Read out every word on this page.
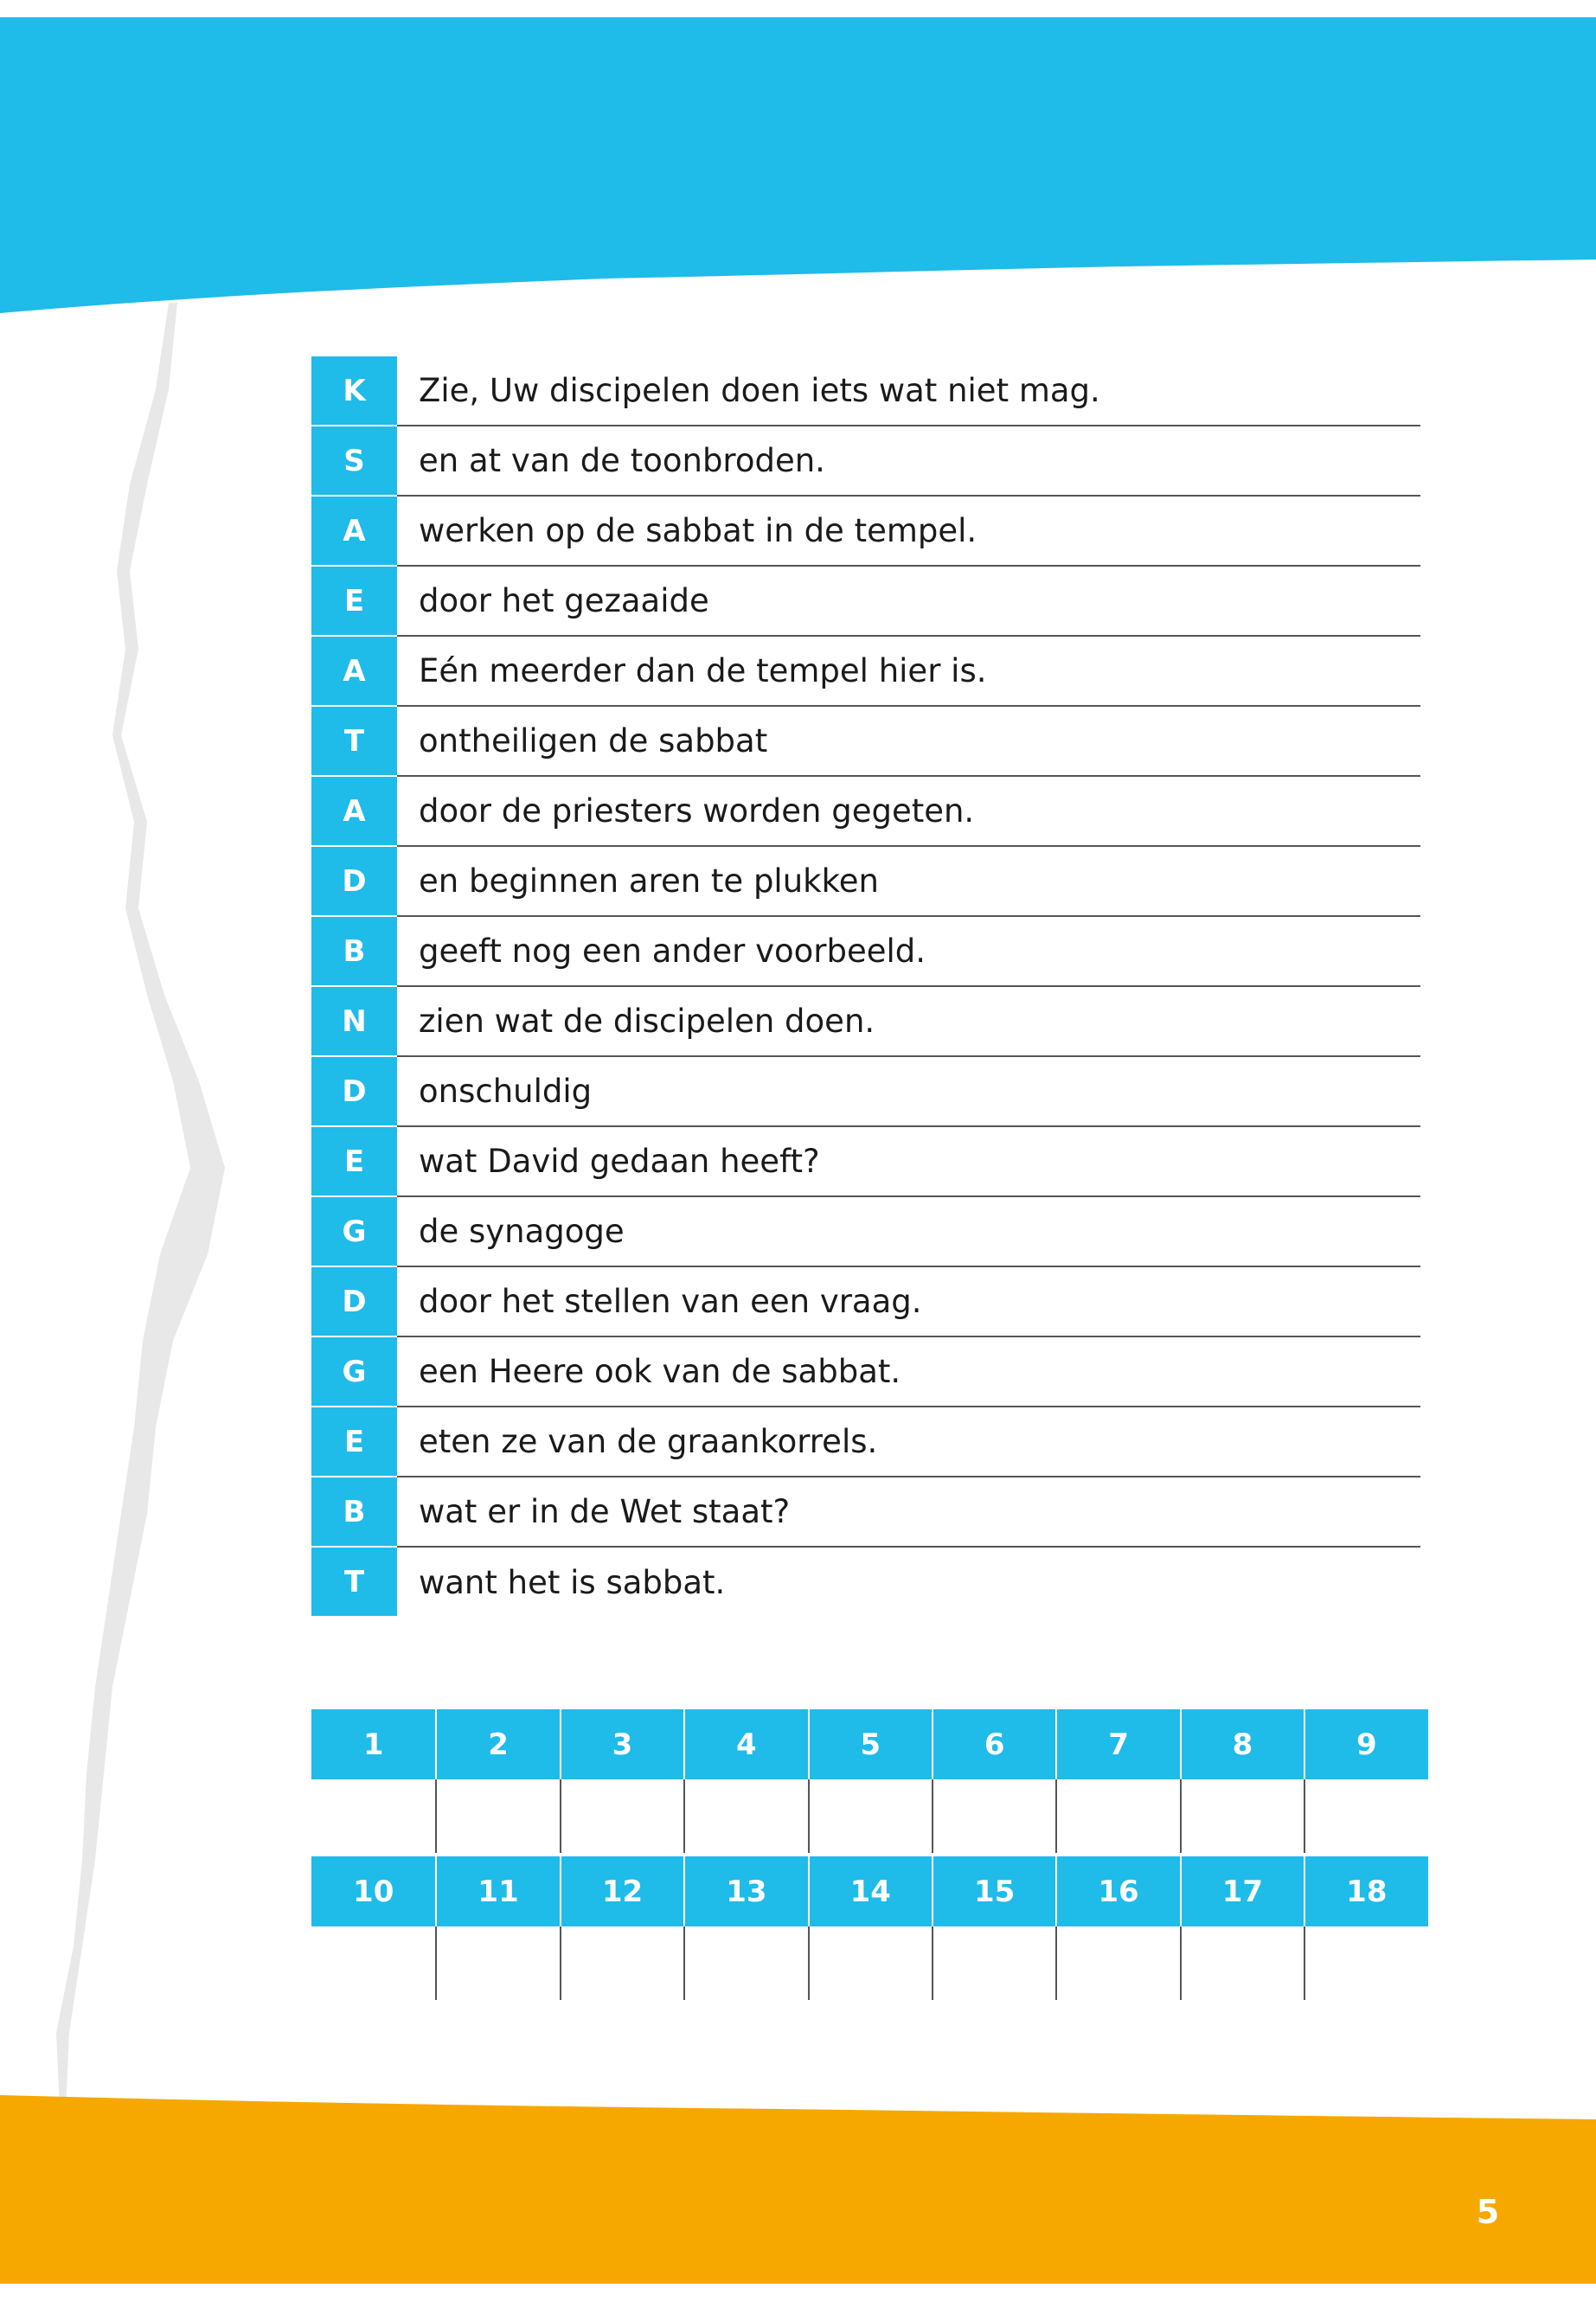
K	Zie, Uw discipelen doen iets wat niet mag.
S	en at van de toonbroden.
A	werken op de sabbat in de tempel.
E	door het gezaaide
A	Eén meerder dan de tempel hier is.
T	ontheiligen de sabbat
A	door de priesters worden gegeten.
D	en beginnen aren te plukken
B	geeft nog een ander voorbeeld.
N	zien wat de discipelen doen.
D	onschuldig
E	wat David gedaan heeft?
G	de synagoge
D	door het stellen van een vraag.
G	een Heere ook van de sabbat.
E	eten ze van de graankorrels.
B	wat er in de Wet staat?
T	want het is sabbat.
1	2	3	4	5	6	7	8	9
10	11	12	13	14	15	16	17	18
5
